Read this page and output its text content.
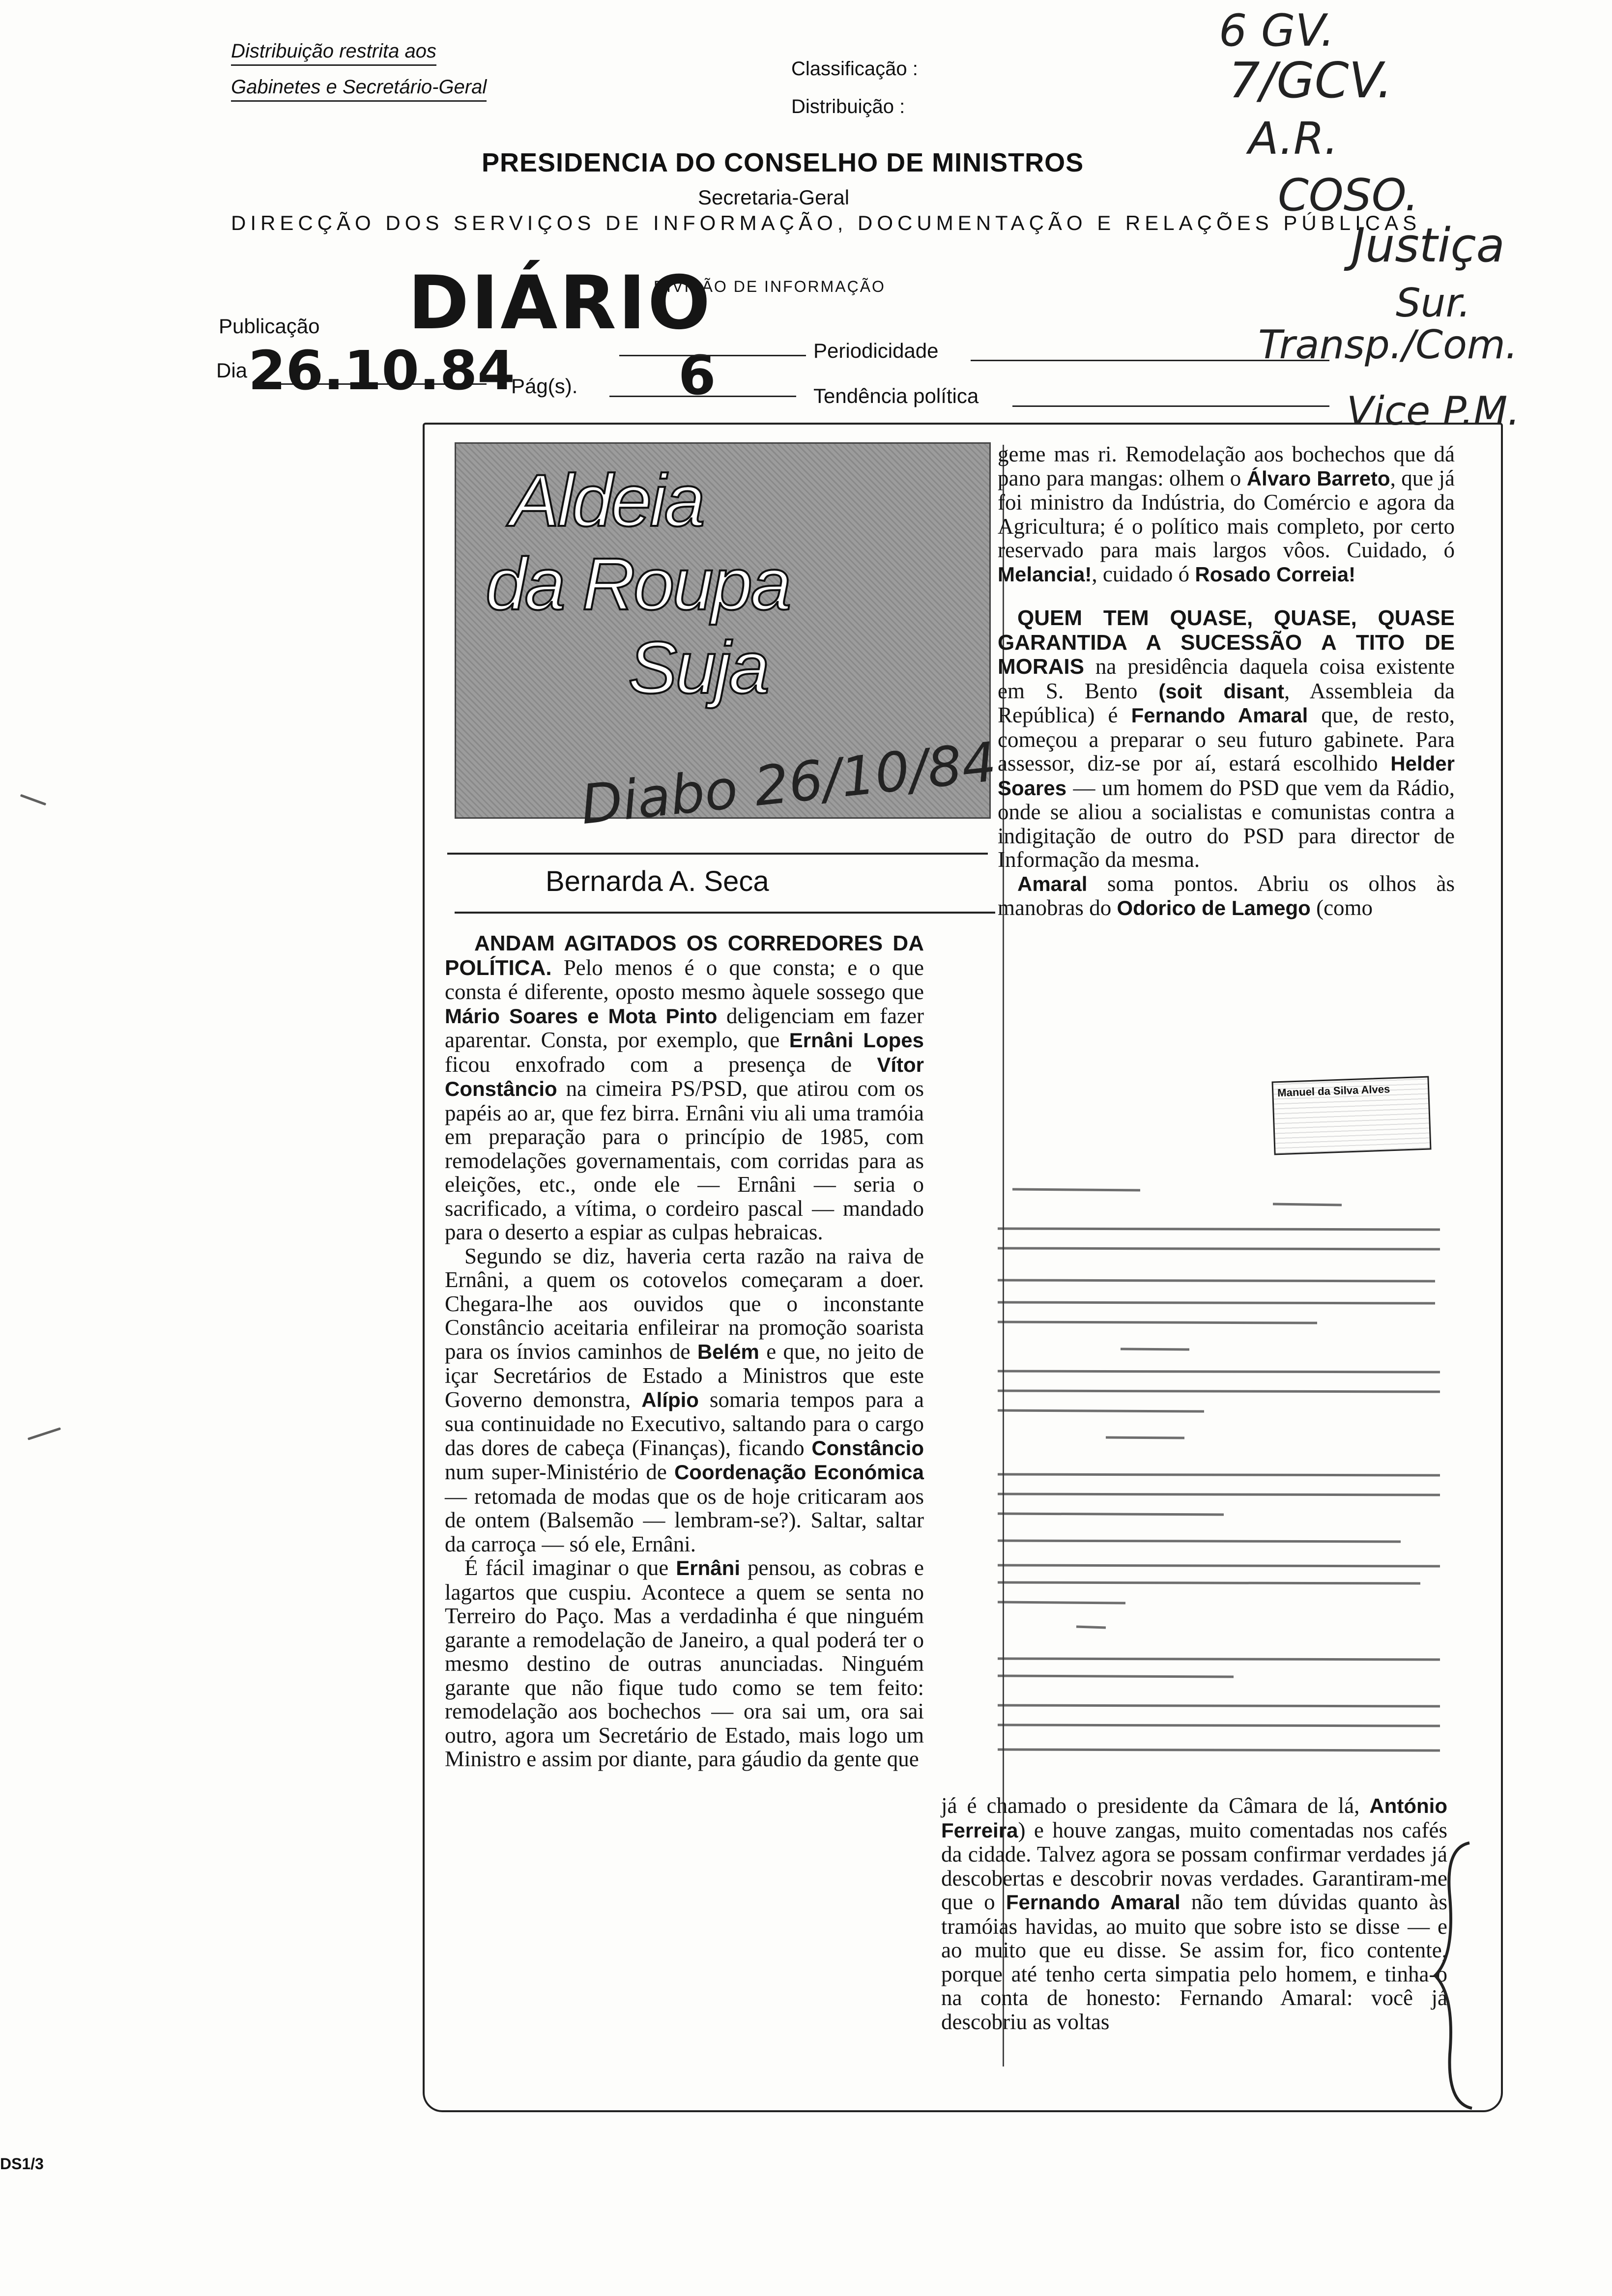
Distribuição restrita aos
Gabinetes e Secretário-Geral
Classificação :
Distribuição :
PRESIDENCIA DO CONSELHO DE MINISTROS
Secretaria-Geral
DIRECÇÃO DOS SERVIÇOS DE INFORMAÇÃO, DOCUMENTAÇÃO E RELAÇÕES PÚBLICAS
DIVISÃO DE INFORMAÇÃO
Publicação DIÁRIO
Dia 26.10.84
Pág(s). 6	Periodicidade
Tendência política
6 GV.
7/GCV.
A.R.
COSO.
Justiça
Sur.
Transp./Com.
Vice P.M.
DS1/3
Aldeia
da Roupa
Suja
Diabo 26/10/84
Bernarda A. Seca

ANDAM AGITADOS OS CORREDORES DA POLÍTICA. Pelo menos é o que consta; e o que consta é diferente, oposto mesmo àquele sossego que Mário Soares e Mota Pinto deligenciam em fazer aparentar. Consta, por exemplo, que Ernâni Lopes ficou enxofrado com a presença de Vítor Constâncio na cimeira PS/PSD, que atirou com os papéis ao ar, que fez birra. Ernâni viu ali uma tramóia em preparação para o princípio de 1985, com remodelações governamentais, com corridas para as eleições, etc., onde ele — Ernâni — seria o sacrificado, a vítima, o cordeiro pascal — mandado para o deserto a espiar as culpas hebraicas.

Segundo se diz, haveria certa razão na raiva de Ernâni, a quem os cotovelos começaram a doer. Chegara-lhe aos ouvidos que o inconstante Constâncio aceitaria enfileirar na promoção soarista para os ínvios caminhos de Belém e que, no jeito de içar Secretários de Estado a Ministros que este Governo demonstra, Alípio somaria tempos para a sua continuidade no Executivo, saltando para o cargo das dores de cabeça (Finanças), ficando Constâncio num super-Ministério de Coordenação Económica — retomada de modas que os de hoje criticaram aos de ontem (Balsemão — lembram-se?). Saltar, saltar da carroça — só ele, Ernâni.

É fácil imaginar o que Ernâni pensou, as cobras e lagartos que cuspiu. Acontece a quem se senta no Terreiro do Paço. Mas a verdadinha é que ninguém garante a remodelação de Janeiro, a qual poderá ter o mesmo destino de outras anunciadas. Ninguém garante que não fique tudo como se tem feito: remodelação aos bochechos — ora sai um, ora sai outro, agora um Secretário de Estado, mais logo um Ministro e assim por diante, para gáudio da gente que

geme mas ri. Remodelação aos bochechos que dá pano para mangas: olhem o Álvaro Barreto, que já foi ministro da Indústria, do Comércio e agora da Agricultura; é o político mais completo, por certo reservado para mais largos vôos. Cuidado, ó Melancia!, cuidado ó Rosado Correia!

QUEM TEM QUASE, QUASE, QUASE GARANTIDA A SUCESSÃO A TITO DE MORAIS na presidência daquela coisa existente em S. Bento (soit disant, Assembleia da República) é Fernando Amaral que, de resto, começou a preparar o seu futuro gabinete. Para assessor, diz-se por aí, estará escolhido Helder Soares — um homem do PSD que vem da Rádio, onde se aliou a socialistas e comunistas contra a indigitação de outro do PSD para director de Informação da mesma.

Amaral soma pontos. Abriu os olhos às manobras do Odorico de Lamego (como

Manuel da Silva Alves

já é chamado o presidente da Câmara de lá, António Ferreira) e houve zangas, muito comentadas nos cafés da cidade. Talvez agora se possam confirmar verdades já descobertas e descobrir novas verdades. Garantiram-me que o Fernando Amaral não tem dúvidas quanto às tramóias havidas, ao muito que sobre isto se disse — e ao muito que eu disse. Se assim for, fico contente, porque até tenho certa simpatia pelo homem, e tinha-o na conta de honesto: Fernando Amaral: você já descobriu as voltas
